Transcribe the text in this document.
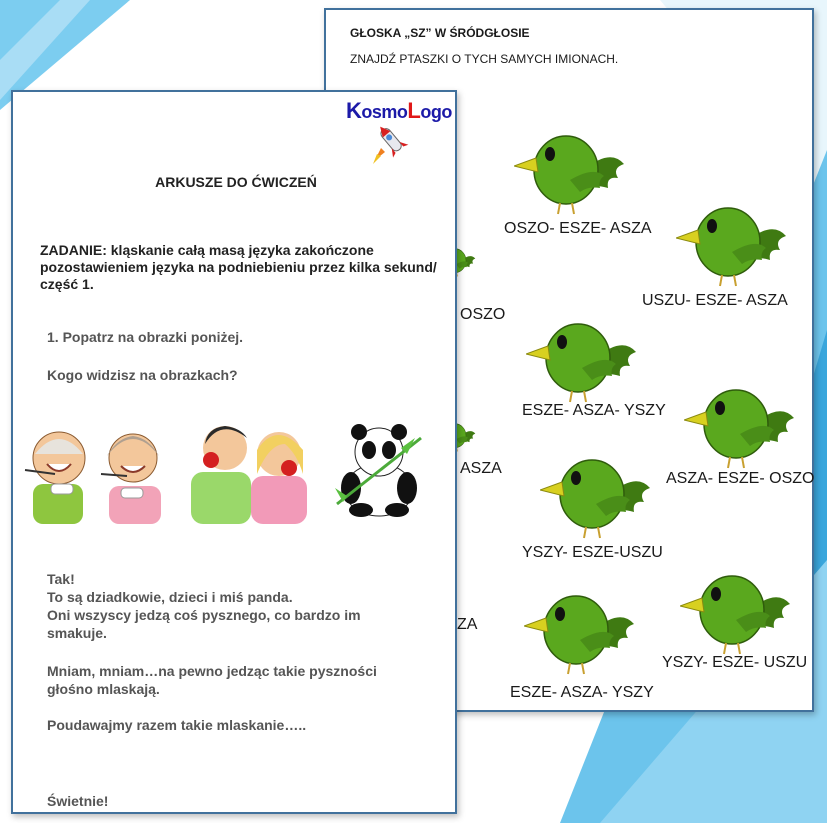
GŁOSKA „SZ” W ŚRÓDGŁOSIE
ZNAJDŹ PTASZKI O TYCH SAMYCH IMIONACH.
OSZO
ASZA
ZA
OSZO- ESZE- ASZA
USZU- ESZE- ASZA
ESZE- ASZA- YSZY
ASZA- ESZE- OSZO
YSZY- ESZE-USZU
YSZY- ESZE- USZU
ESZE- ASZA- YSZY
KosmoLogo
ARKUSZE DO ĆWICZEŃ
ZADANIE: kląskanie całą masą języka zakończone pozostawieniem języka na podniebieniu przez kilka sekund/ część 1.
1. Popatrz na obrazki poniżej.
Kogo widzisz na obrazkach?
Tak!
To są dziadkowie, dzieci i miś panda.
Oni wszyscy jedzą coś pysznego, co bardzo im
smakuje.
Mniam, mniam…na pewno jedząc takie pyszności
głośno mlaskają.
Poudawajmy razem takie mlaskanie…..
Świetnie!
